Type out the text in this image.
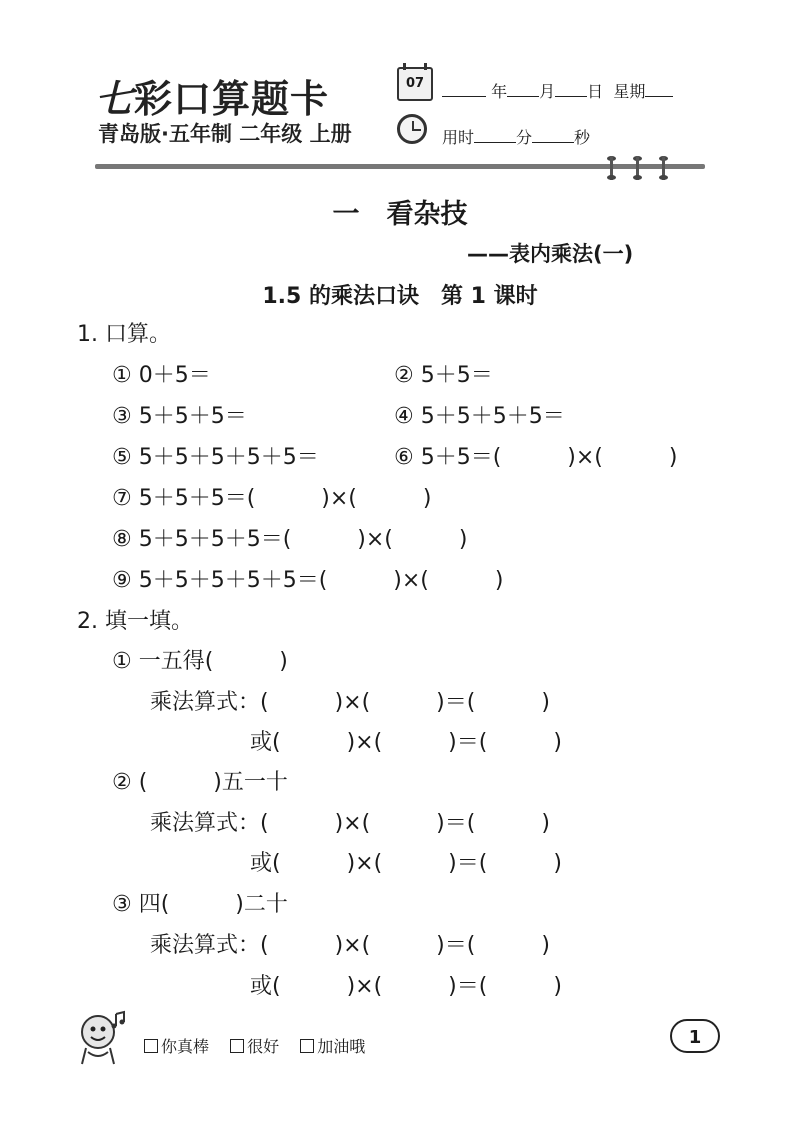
七彩口算题卡
青岛版·五年制 二年级 上册
07	年 月 日 星期
用时	分	秒
一　看杂技
——表内乘法(一)
1.5 的乘法口诀　第 1 课时
1. 口算。
① 0＋5＝	② 5＋5＝
③ 5＋5＋5＝	④ 5＋5＋5＋5＝
⑤ 5＋5＋5＋5＋5＝	⑥ 5＋5＝(　　　)×(　　　)
⑦ 5＋5＋5＝(　　　)×(　　　)
⑧ 5＋5＋5＋5＝(　　　)×(　　　)
⑨ 5＋5＋5＋5＋5＝(　　　)×(　　　)
2. 填一填。
① 一五得(　　　)
乘法算式：(　　　)×(　　　)＝(　　　)
或(　　　)×(　　　)＝(　　　)
② (　　　)五一十
乘法算式：(　　　)×(　　　)＝(　　　)
或(　　　)×(　　　)＝(　　　)
③ 四(　　　)二十
乘法算式：(　　　)×(　　　)＝(　　　)
或(　　　)×(　　　)＝(　　　)
你真棒
很好
加油哦	1
